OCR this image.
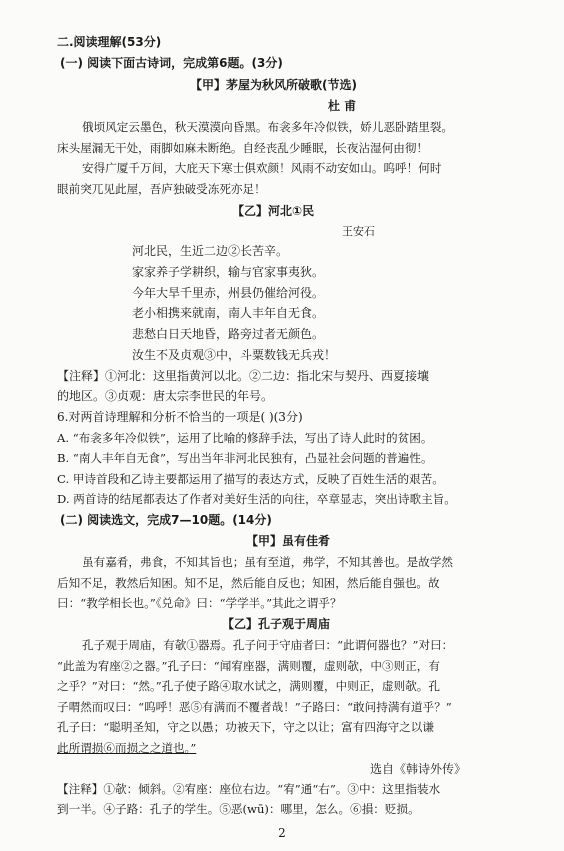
二.阅读理解(53分)
(一) 阅读下面古诗词，完成第6题。(3分)
【甲】茅屋为秋风所破歌(节选)
杜 甫
俄顷风定云墨色，秋天漠漠向昏黑。布衾多年冷似铁，娇儿恶卧踏里裂。
床头屋漏无干处，雨脚如麻未断绝。自经丧乱少睡眠，长夜沾湿何由彻！
安得广厦千万间，大庇天下寒士俱欢颜！风雨不动安如山。呜呼！何时
眼前突兀见此屋，吾庐独破受冻死亦足！
【乙】河北①民
王安石
河北民，生近二边②长苦辛。
家家养子学耕织，输与官家事夷狄。
今年大旱千里赤，州县仍催给河役。
老小相携来就南，南人丰年自无食。
悲愁白日天地昏，路旁过者无颜色。
汝生不及贞观③中，斗粟数钱无兵戎！
【注释】①河北：这里指黄河以北。②二边：指北宋与契丹、西夏接壤
的地区。③贞观：唐太宗李世民的年号。
6.对两首诗理解和分析不恰当的一项是( )(3分)
A. “布衾多年冷似铁”，运用了比喻的修辞手法，写出了诗人此时的贫困。
B. “南人丰年自无食”，写出当年非河北民独有，凸显社会问题的普遍性。
C. 甲诗首段和乙诗主要都运用了描写的表达方式，反映了百姓生活的艰苦。
D. 两首诗的结尾都表达了作者对美好生活的向往，卒章显志，突出诗歌主旨。
(二) 阅读选文，完成7—10题。(14分)
【甲】虽有佳肴
虽有嘉肴，弗食，不知其旨也；虽有至道，弗学，不知其善也。是故学然
后知不足，教然后知困。知不足，然后能自反也；知困，然后能自强也。故
曰：“教学相长也。”《兑命》曰：“学学半。”其此之谓乎？
【乙】孔子观于周庙
孔子观于周庙，有欹①器焉。孔子问于守庙者曰：“此谓何器也？”对曰：
“此盖为宥座②之器。”孔子曰：“闻宥座器，满则覆，虚则欹，中③则正，有
之乎？”对曰：“然。”孔子使子路④取水试之，满则覆，中则正，虚则欹。孔
子喟然而叹曰：“呜呼！恶⑤有满而不覆者哉！”子路曰：“敢问持满有道乎？”
孔子曰：“聪明圣知，守之以愚；功被天下，守之以让；富有四海守之以谦
此所谓损⑥而损之之道也。”
选自《韩诗外传》
【注释】①欹：倾斜。②宥座：座位右边。“宥”通“右”。③中：这里指装水
到一半。④子路：孔子的学生。⑤恶(wū)：哪里，怎么。⑥損：贬损。
2
